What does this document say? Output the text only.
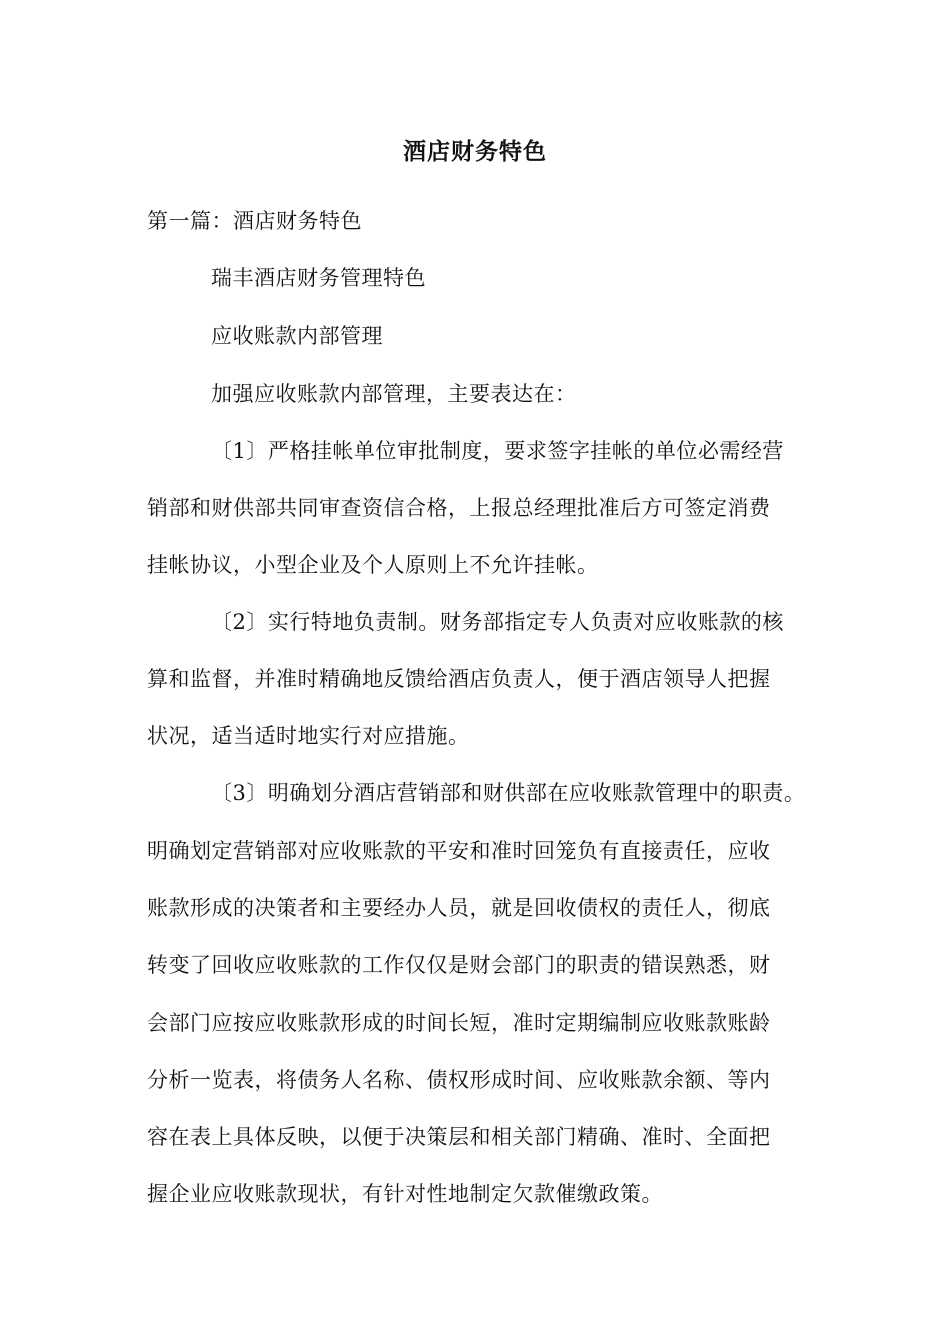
酒店财务特色
第一篇：酒店财务特色
瑞丰酒店财务管理特色
应收账款内部管理
加强应收账款内部管理，主要表达在：
〔1〕严格挂帐单位审批制度，要求签字挂帐的单位必需经营
销部和财供部共同审查资信合格，上报总经理批准后方可签定消费
挂帐协议，小型企业及个人原则上不允许挂帐。
〔2〕实行特地负责制。财务部指定专人负责对应收账款的核
算和监督，并准时精确地反馈给酒店负责人，便于酒店领导人把握
状况，适当适时地实行对应措施。
〔3〕明确划分酒店营销部和财供部在应收账款管理中的职责。
明确划定营销部对应收账款的平安和准时回笼负有直接责任，应收
账款形成的决策者和主要经办人员，就是回收债权的责任人，彻底
转变了回收应收账款的工作仅仅是财会部门的职责的错误熟悉，财
会部门应按应收账款形成的时间长短，准时定期编制应收账款账龄
分析一览表，将债务人名称、债权形成时间、应收账款余额、等内
容在表上具体反映，以便于决策层和相关部门精确、准时、全面把
握企业应收账款现状，有针对性地制定欠款催缴政策。
